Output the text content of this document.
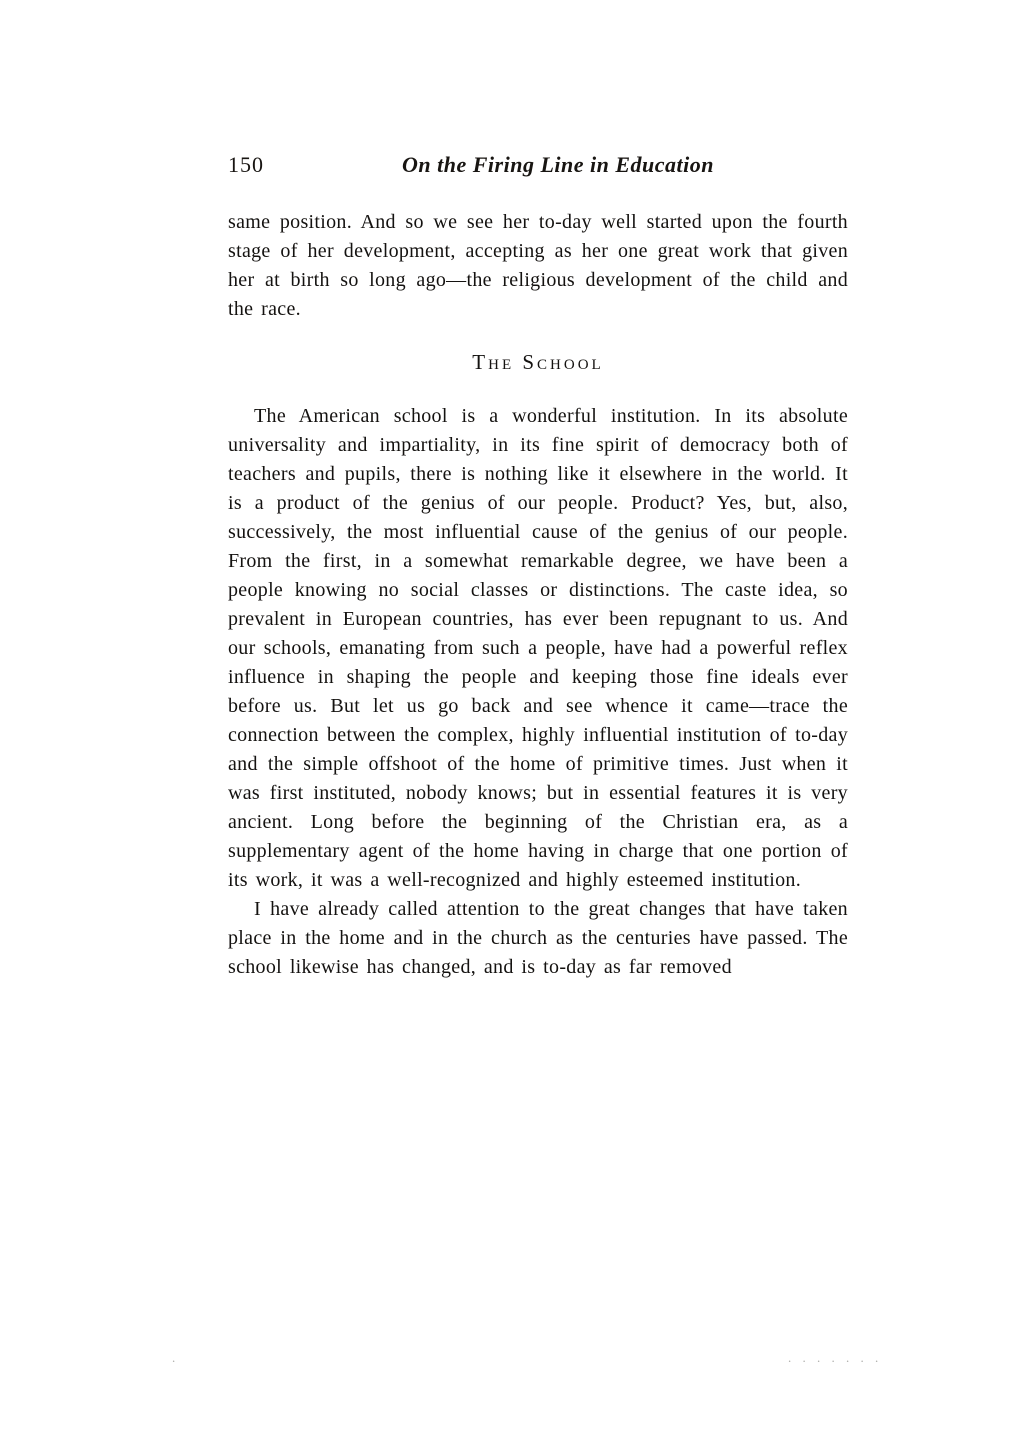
150	On the Firing Line in Education

same position. And so we see her to-day well started upon the fourth stage of her development, accepting as her one great work that given her at birth so long ago—the religious development of the child and the race.

The School

The American school is a wonderful institution. In its absolute universality and impartiality, in its fine spirit of democracy both of teachers and pupils, there is nothing like it elsewhere in the world. It is a product of the genius of our people. Product? Yes, but, also, successively, the most influential cause of the genius of our people. From the first, in a somewhat remarkable degree, we have been a people knowing no social classes or distinctions. The caste idea, so prevalent in European countries, has ever been repugnant to us. And our schools, emanating from such a people, have had a powerful reflex influence in shaping the people and keeping those fine ideals ever before us. But let us go back and see whence it came—trace the connection between the complex, highly influential institution of to-day and the simple offshoot of the home of primitive times. Just when it was first instituted, nobody knows; but in essential features it is very ancient. Long before the beginning of the Christian era, as a supplementary agent of the home having in charge that one portion of its work, it was a well-recognized and highly esteemed institution.

I have already called attention to the great changes that have taken place in the home and in the church as the centuries have passed. The school likewise has changed, and is to-day as far removed

.	. . . . . . .
